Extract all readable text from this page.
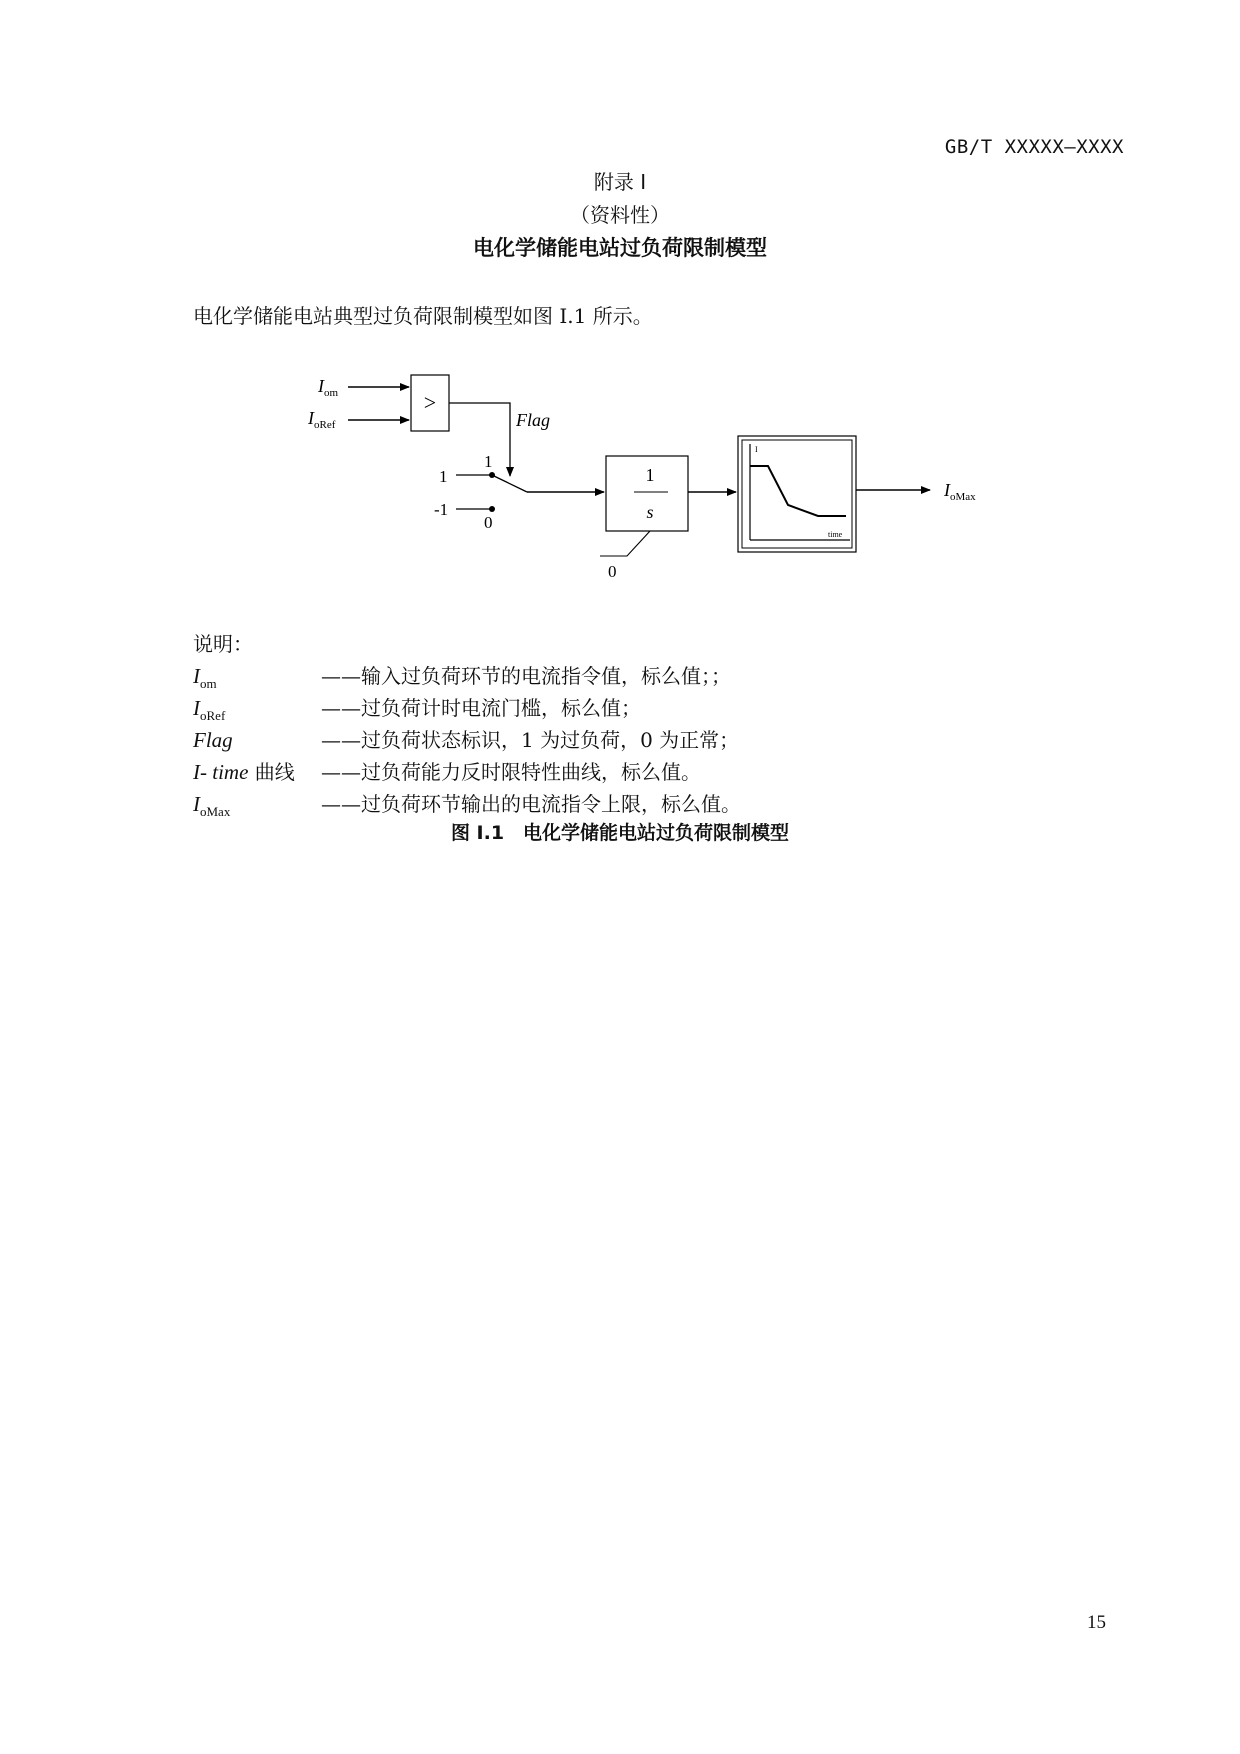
GB/T XXXXX—XXXX
附录 I
（资料性）
电化学储能电站过负荷限制模型
电化学储能电站典型过负荷限制模型如图 I.1 所示。
$I_{om}$
$I_{oRef}$
>
Flag
1
0
1
-1
1
s
0
I
time
$I_{oMax}$
说明：
$I_{om}$	——输入过负荷环节的电流指令值，标么值；；
$I_{oRef}$	——过负荷计时电流门槛，标么值；
Flag	——过负荷状态标识，1 为过负荷，0 为正常；
I- time 曲线	——过负荷能力反时限特性曲线，标么值。
$I_{oMax}$	——过负荷环节输出的电流指令上限，标么值。
图 I.1　电化学储能电站过负荷限制模型
15
